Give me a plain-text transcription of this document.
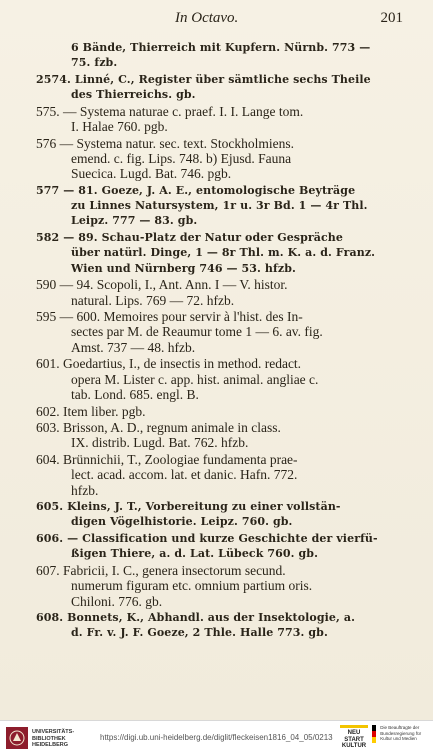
In Octavo.	201
6 Bände, Thierreich mit Kupfern. Nürnb. 773 —
75. fzb.
2574. Linné, C., Register über sämtliche sechs Theile
des Thierreichs. gb.
575. — Systema naturae c. praef. I. I. Lange tom.
I. Halae 760. pgb.
576 — Systema natur. sec. text. Stockholmiens.
emend. c. fig. Lips. 748. b) Ejusd. Fauna
Suecica. Lugd. Bat. 746. pgb.
577 — 81. Goeze, J. A. E., entomologische Beyträge
zu Linnes Natursystem, 1r u. 3r Bd. 1 — 4r Thl.
Leipz. 777 — 83. gb.
582 — 89. Schau-Platz der Natur oder Gespräche
über natürl. Dinge, 1 — 8r Thl. m. K. a. d. Franz.
Wien und Nürnberg 746 — 53. hfzb.
590 — 94. Scopoli, I., Ant. Ann. I — V. histor.
natural. Lips. 769 — 72. hfzb.
595 — 600. Memoires pour servir à l'hist. des In-
sectes par M. de Reaumur tome 1 — 6. av. fig.
Amst. 737 — 48. hfzb.
601. Goedartius, I., de insectis in method. redact.
opera M. Lister c. app. hist. animal. angliae c.
tab. Lond. 685. engl. B.
602. Item liber. pgb.
603. Brisson, A. D., regnum animale in class.
IX. distrib. Lugd. Bat. 762. hfzb.
604. Brünnichii, T., Zoologiae fundamenta prae-
lect. acad. accom. lat. et danic. Hafn. 772.
hfzb.
605. Kleins, J. T., Vorbereitung zu einer vollstän-
digen Vögelhistorie. Leipz. 760. gb.
606. — Classification und kurze Geschichte der vierfü-
ßigen Thiere, a. d. Lat. Lübeck 760. gb.
607. Fabricii, I. C., genera insectorum secund.
numerum figuram etc. omnium partium oris.
Chiloni. 776. gb.
608. Bonnets, K., Abhandl. aus der Insektologie, a.
d. Fr. v. J. F. Goeze, 2 Thle. Halle 773. gb.
UNIVERSITÄTS-
BIBLIOTHEK
HEIDELBERG
https://digi.ub.uni-heidelberg.de/diglit/fleckeisen1816_04_05/0213	NEU
START
KULTUR
Die Beauftragte der Bundesregierung für Kultur und Medien
